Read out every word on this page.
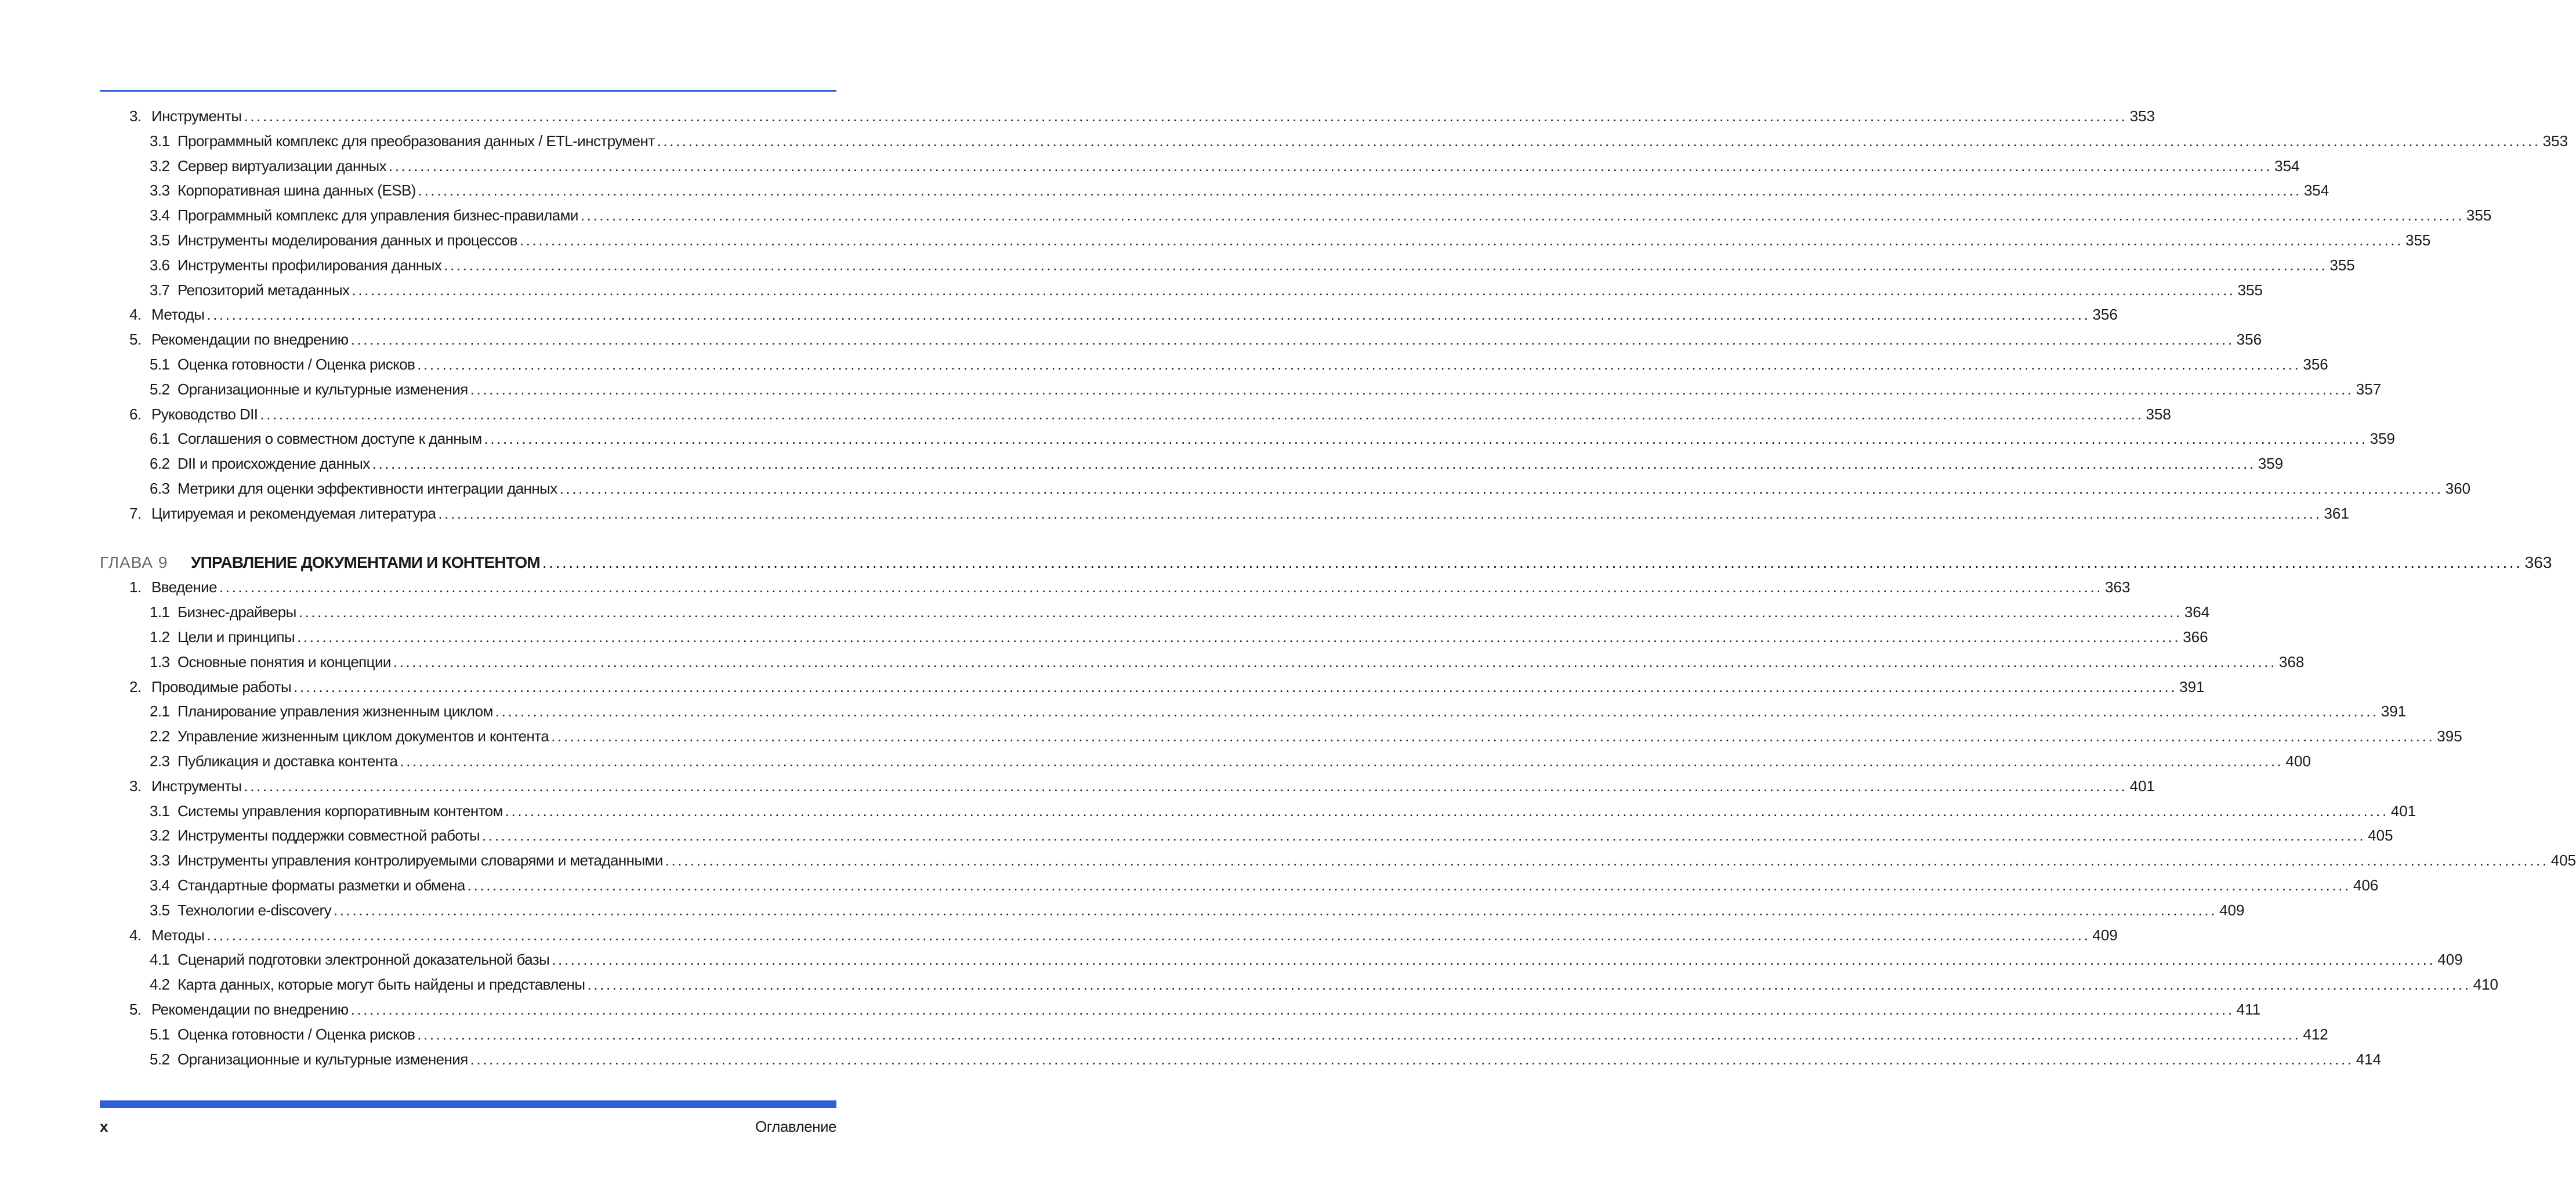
3. Инструменты ............................................................................................................................................................................................................................................................................................................ 353
3.1 Программный комплекс для преобразования данных / ETL-инструмент ............................................................................................................................................................................................................................................................................................................ 353
3.2 Сервер виртуализации данных ............................................................................................................................................................................................................................................................................................................ 354
3.3 Корпоративная шина данных (ESB) ............................................................................................................................................................................................................................................................................................................ 354
3.4 Программный комплекс для управления бизнес-правилами ............................................................................................................................................................................................................................................................................................................ 355
3.5 Инструменты моделирования данных и процессов ............................................................................................................................................................................................................................................................................................................ 355
3.6 Инструменты профилирования данных ............................................................................................................................................................................................................................................................................................................ 355
3.7 Репозиторий метаданных ............................................................................................................................................................................................................................................................................................................ 355
4. Методы ............................................................................................................................................................................................................................................................................................................ 356
5. Рекомендации по внедрению ............................................................................................................................................................................................................................................................................................................ 356
5.1 Оценка готовности / Оценка рисков ............................................................................................................................................................................................................................................................................................................ 356
5.2 Организационные и культурные изменения ............................................................................................................................................................................................................................................................................................................ 357
6. Руководство DII ............................................................................................................................................................................................................................................................................................................ 358
6.1 Соглашения о совместном доступе к данным ............................................................................................................................................................................................................................................................................................................ 359
6.2 DII и происхождение данных ............................................................................................................................................................................................................................................................................................................ 359
6.3 Метрики для оценки эффективности интеграции данных ............................................................................................................................................................................................................................................................................................................ 360
7. Цитируемая и рекомендуемая литература ............................................................................................................................................................................................................................................................................................................ 361
ГЛАВА 9	УПРАВЛЕНИЕ ДОКУМЕНТАМИ И КОНТЕНТОМ ............................................................................................................................................................................................................................................................................................................ 363
1. Введение ............................................................................................................................................................................................................................................................................................................ 363
1.1 Бизнес-драйверы ............................................................................................................................................................................................................................................................................................................ 364
1.2 Цели и принципы ............................................................................................................................................................................................................................................................................................................ 366
1.3 Основные понятия и концепции ............................................................................................................................................................................................................................................................................................................ 368
2. Проводимые работы ............................................................................................................................................................................................................................................................................................................ 391
2.1 Планирование управления жизненным циклом ............................................................................................................................................................................................................................................................................................................ 391
2.2 Управление жизненным циклом документов и контента ............................................................................................................................................................................................................................................................................................................ 395
2.3 Публикация и доставка контента ............................................................................................................................................................................................................................................................................................................ 400
3. Инструменты ............................................................................................................................................................................................................................................................................................................ 401
3.1 Системы управления корпоративным контентом ............................................................................................................................................................................................................................................................................................................ 401
3.2 Инструменты поддержки совместной работы ............................................................................................................................................................................................................................................................................................................ 405
3.3 Инструменты управления контролируемыми словарями и метаданными ............................................................................................................................................................................................................................................................................................................ 405
3.4 Стандартные форматы разметки и обмена ............................................................................................................................................................................................................................................................................................................ 406
3.5 Технологии e-discovery ............................................................................................................................................................................................................................................................................................................ 409
4. Методы ............................................................................................................................................................................................................................................................................................................ 409
4.1 Сценарий подготовки электронной доказательной базы ............................................................................................................................................................................................................................................................................................................ 409
4.2 Карта данных, которые могут быть найдены и представлены ............................................................................................................................................................................................................................................................................................................ 410
5. Рекомендации по внедрению ............................................................................................................................................................................................................................................................................................................ 411
5.1 Оценка готовности / Оценка рисков ............................................................................................................................................................................................................................................................................................................ 412
5.2 Организационные и культурные изменения ............................................................................................................................................................................................................................................................................................................ 414
x	Оглавление
